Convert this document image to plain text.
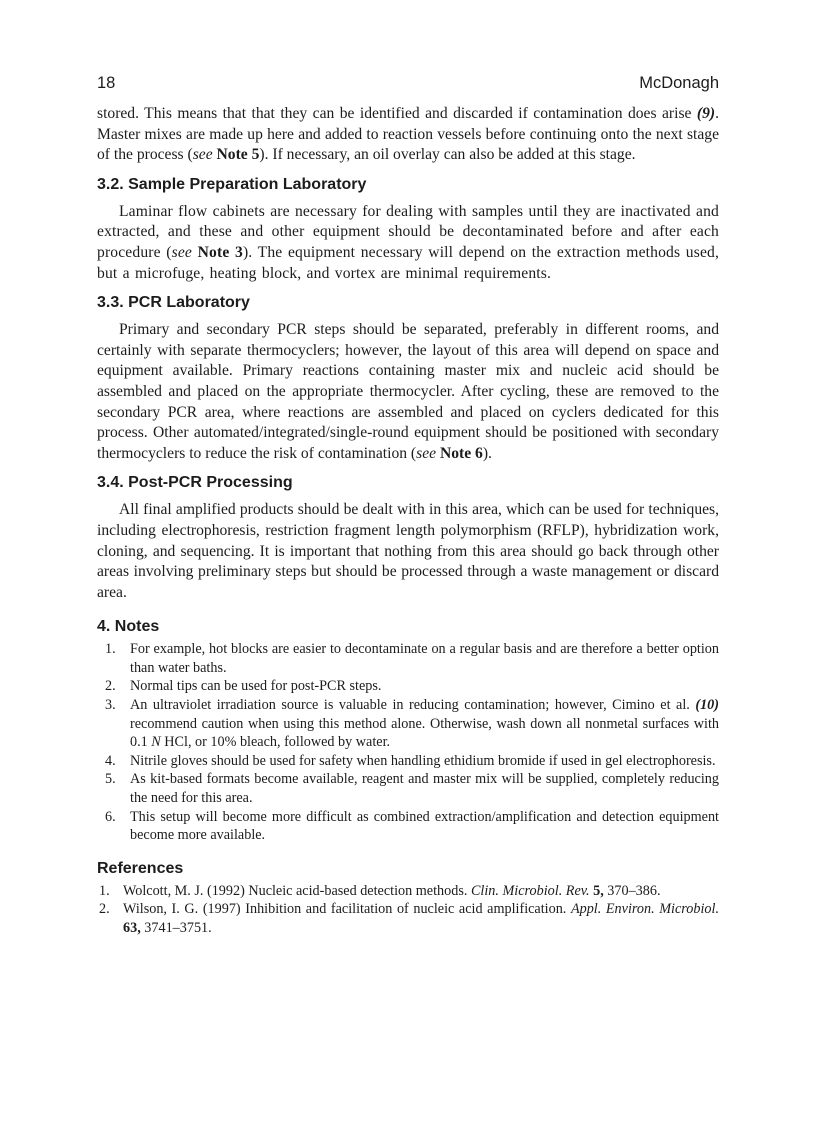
18	McDonagh

stored. This means that that they can be identified and discarded if contamination does arise (9). Master mixes are made up here and added to reaction vessels before continuing onto the next stage of the process (see Note 5). If necessary, an oil overlay can also be added at this stage.

3.2. Sample Preparation Laboratory

Laminar flow cabinets are necessary for dealing with samples until they are inactivated and extracted, and these and other equipment should be decontaminated before and after each procedure (see Note 3). The equipment necessary will depend on the extraction methods used, but a microfuge, heating block, and vortex are minimal requirements.

3.3. PCR Laboratory

Primary and secondary PCR steps should be separated, preferably in different rooms, and certainly with separate thermocyclers; however, the layout of this area will depend on space and equipment available. Primary reactions containing master mix and nucleic acid should be assembled and placed on the appropriate thermocycler. After cycling, these are removed to the secondary PCR area, where reactions are assembled and placed on cyclers dedicated for this process. Other automated/integrated/single-round equipment should be positioned with secondary thermocyclers to reduce the risk of contamination (see Note 6).

3.4. Post-PCR Processing

All final amplified products should be dealt with in this area, which can be used for techniques, including electrophoresis, restriction fragment length polymorphism (RFLP), hybridization work, cloning, and sequencing. It is important that nothing from this area should go back through other areas involving preliminary steps but should be processed through a waste management or discard area.

4. Notes
1. For example, hot blocks are easier to decontaminate on a regular basis and are therefore a better option than water baths.
2. Normal tips can be used for post-PCR steps.
3. An ultraviolet irradiation source is valuable in reducing contamination; however, Cimino et al. (10) recommend caution when using this method alone. Otherwise, wash down all nonmetal surfaces with 0.1 N HCl, or 10% bleach, followed by water.
4. Nitrile gloves should be used for safety when handling ethidium bromide if used in gel electrophoresis.
5. As kit-based formats become available, reagent and master mix will be supplied, completely reducing the need for this area.
6. This setup will become more difficult as combined extraction/amplification and detection equipment become more available.
References
1. Wolcott, M. J. (1992) Nucleic acid-based detection methods. Clin. Microbiol. Rev. 5, 370–386.
2. Wilson, I. G. (1997) Inhibition and facilitation of nucleic acid amplification. Appl. Environ. Microbiol. 63, 3741–3751.
